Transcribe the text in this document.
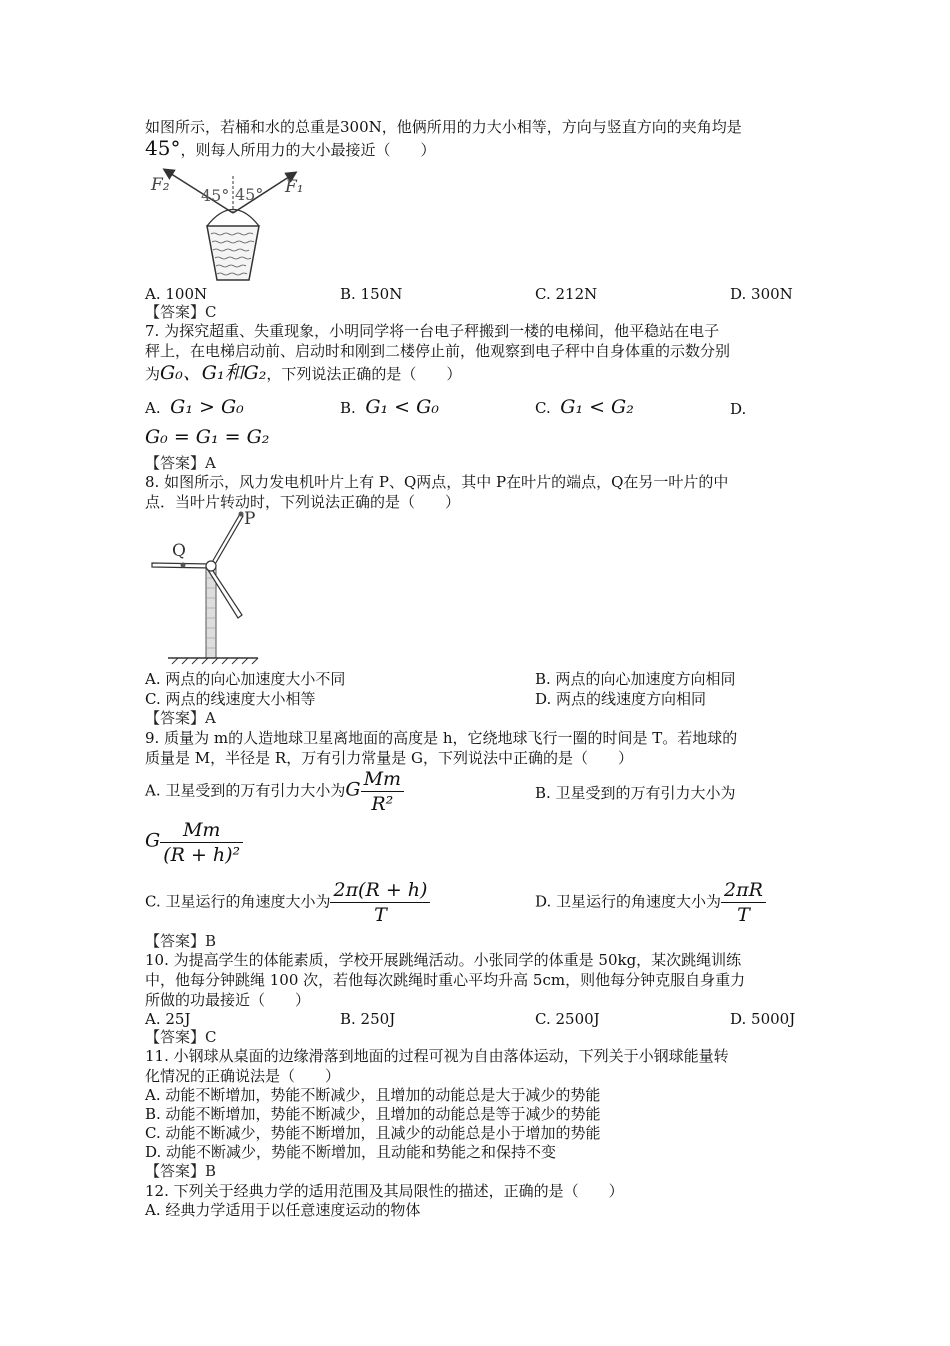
如图所示，若桶和水的总重是300N，他俩所用的力大小相等，方向与竖直方向的夹角均是
45°，则每人所用力的大小最接近（　　）
F₂	F₁
45° 45°
A. 100N	B. 150N	C. 212N	D. 300N
【答案】C
7. 为探究超重、失重现象，小明同学将一台电子秤搬到一楼的电梯间，他平稳站在电子
秤上，在电梯启动前、启动时和刚到二楼停止前，他观察到电子秤中自身体重的示数分别
为G₀、G₁和G₂，下列说法正确的是（　　）
A. G₁ > G₀	B. G₁ < G₀	C. G₁ < G₂	D.
G₀ = G₁ = G₂
【答案】A
8. 如图所示，风力发电机叶片上有 P、Q两点，其中 P在叶片的端点，Q在另一叶片的中
点．当叶片转动时，下列说法正确的是（　　）
P
Q
A. 两点的向心加速度大小不同	B. 两点的向心加速度方向相同
C. 两点的线速度大小相等	D. 两点的线速度方向相同
【答案】A
9. 质量为 m的人造地球卫星离地面的高度是 h，它绕地球飞行一圈的时间是 T。若地球的
质量是 M，半径是 R，万有引力常量是 G，下列说法中正确的是（　　）
A. 卫星受到的万有引力大小为G $\frac{Mm}{\text{R²}}$	B. 卫星受到的万有引力大小为
G $\frac{Mm}{\text{(R + h)²}}$
C. 卫星运行的角速度大小为 $\frac{2\pi(R + h)}{T}$	D. 卫星运行的角速度大小为 $\frac{2\pi R}{T}$
【答案】B
10. 为提高学生的体能素质，学校开展跳绳活动。小张同学的体重是 50kg，某次跳绳训练
中，他每分钟跳绳 100 次，若他每次跳绳时重心平均升高 5cm，则他每分钟克服自身重力
所做的功最接近（　　）
A. 25J	B. 250J	C. 2500J	D. 5000J
【答案】C
11. 小钢球从桌面的边缘滑落到地面的过程可视为自由落体运动，下列关于小钢球能量转
化情况的正确说法是（　　）
A. 动能不断增加，势能不断减少，且增加的动能总是大于减少的势能
B. 动能不断增加，势能不断减少，且增加的动能总是等于减少的势能
C. 动能不断减少，势能不断增加，且减少的动能总是小于增加的势能
D. 动能不断减少，势能不断增加，且动能和势能之和保持不变
【答案】B
12. 下列关于经典力学的适用范围及其局限性的描述，正确的是（　　）
A. 经典力学适用于以任意速度运动的物体
